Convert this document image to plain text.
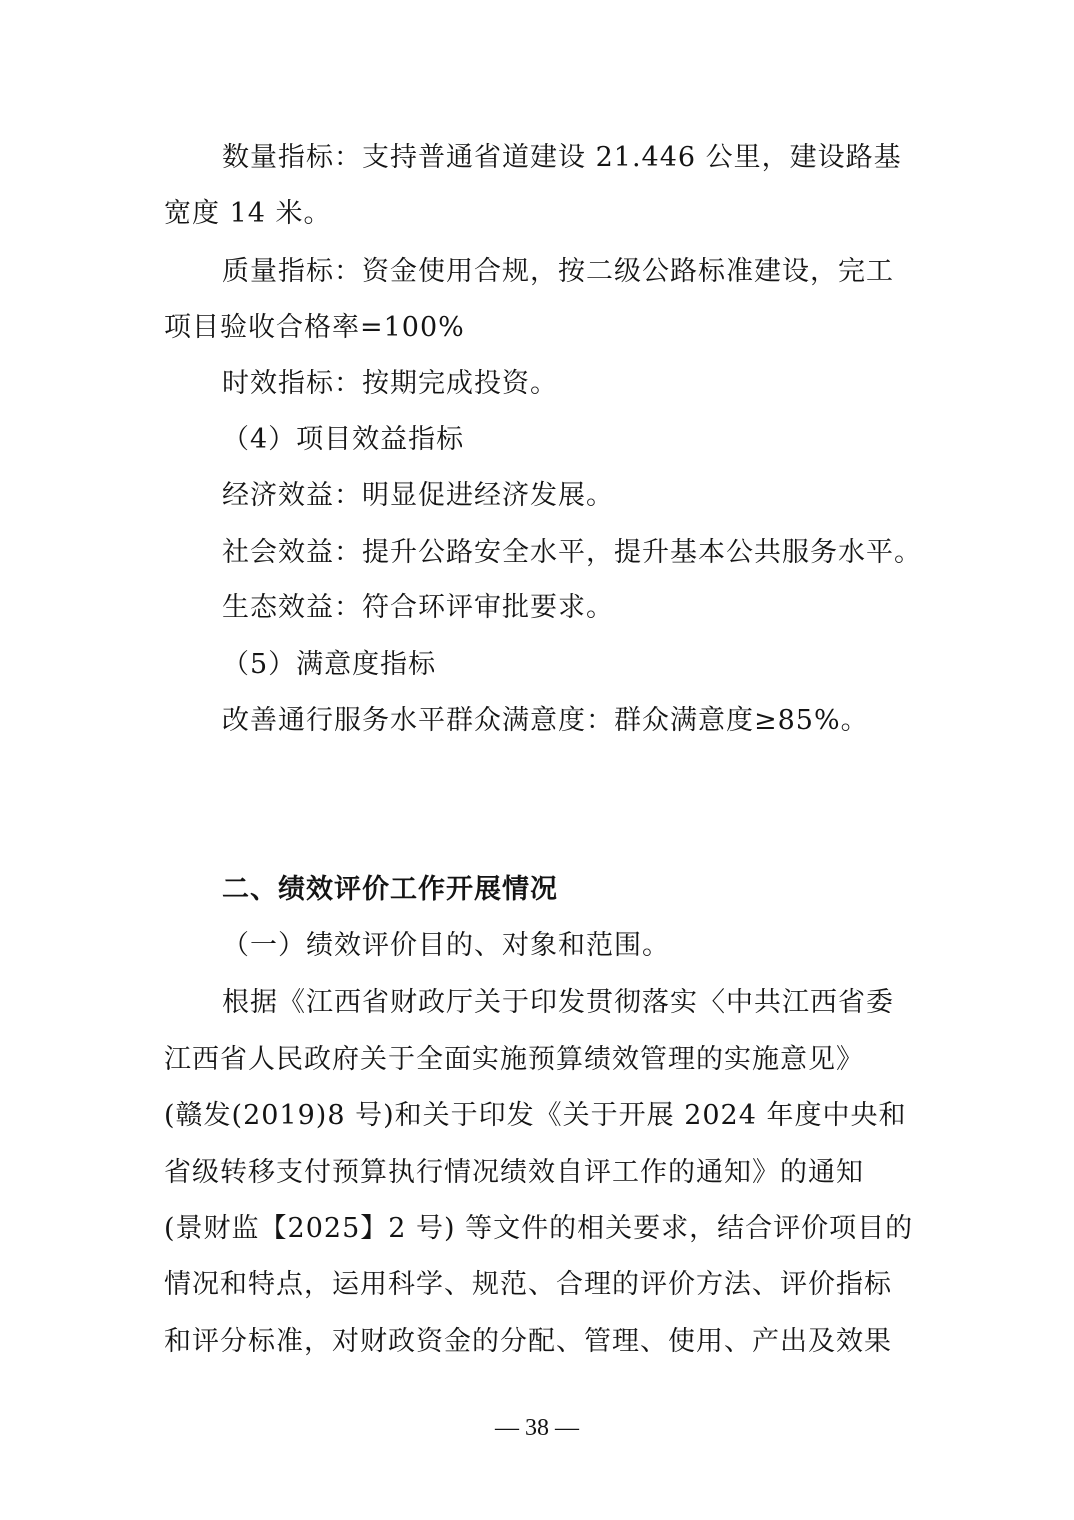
数量指标：支持普通省道建设 21.446 公里，建设路基
宽度 14 米。
质量指标：资金使用合规，按二级公路标准建设，完工
项目验收合格率=100%
时效指标：按期完成投资。
（4）项目效益指标
经济效益：明显促进经济发展。
社会效益：提升公路安全水平，提升基本公共服务水平。
生态效益：符合环评审批要求。
（5）满意度指标
改善通行服务水平群众满意度：群众满意度≥85%。
二、绩效评价工作开展情况
（一）绩效评价目的、对象和范围。
根据《江西省财政厅关于印发贯彻落实〈中共江西省委
江西省人民政府关于全面实施预算绩效管理的实施意见》
(赣发(2019)8 号)和关于印发《关于开展 2024 年度中央和
省级转移支付预算执行情况绩效自评工作的通知》的通知
(景财监【2025】2 号) 等文件的相关要求，结合评价项目的
情况和特点，运用科学、规范、合理的评价方法、评价指标
和评分标准，对财政资金的分配、管理、使用、产出及效果
— 38 —
